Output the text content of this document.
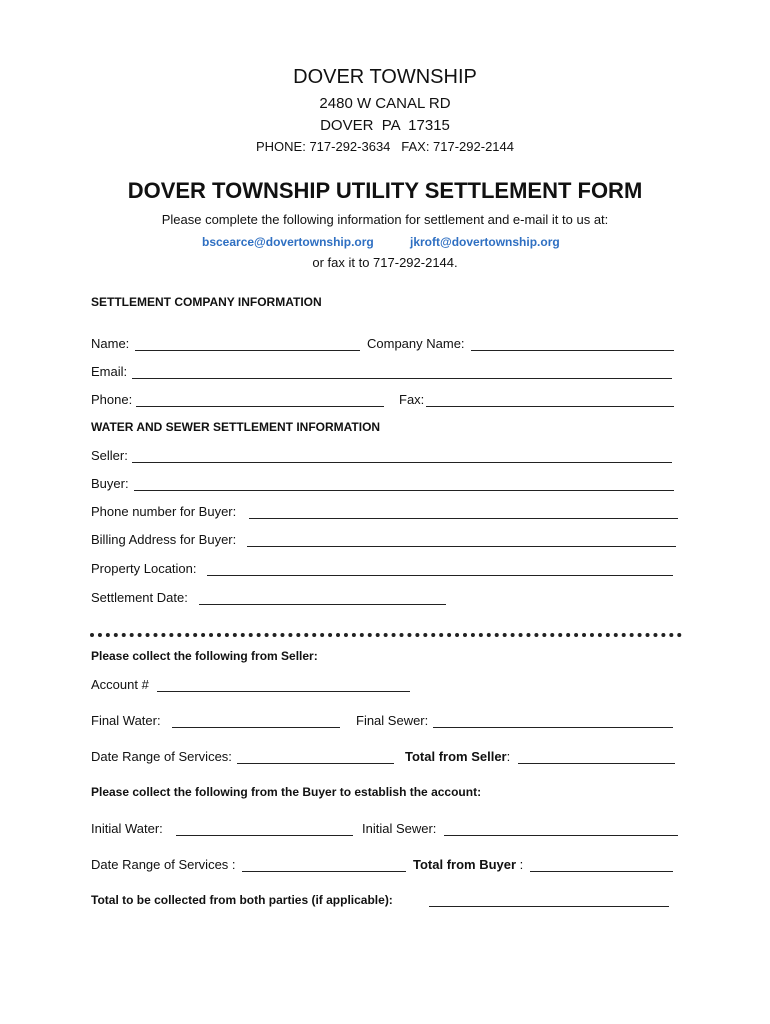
DOVER TOWNSHIP
2480 W CANAL RD
DOVER  PA  17315
PHONE: 717-292-3634   FAX: 717-292-2144
DOVER TOWNSHIP UTILITY SETTLEMENT FORM
Please complete the following information for settlement and e-mail it to us at:
bscearce@dovertownship.org	jkroft@dovertownship.org
or fax it to 717-292-2144.
SETTLEMENT COMPANY INFORMATION
Name:	Company Name:
Email:
Phone:	Fax:
WATER AND SEWER SETTLEMENT INFORMATION
Seller:
Buyer:
Phone number for Buyer:
Billing Address for Buyer:
Property Location:
Settlement Date:
Please collect the following from Seller:
Account #
Final Water:	Final Sewer:
Date Range of Services:	Total from Seller:
Please collect the following from the Buyer to establish the account:
Initial Water:	Initial Sewer:
Date Range of Services :	Total from Buyer :
Total to be collected from both parties (if applicable):
